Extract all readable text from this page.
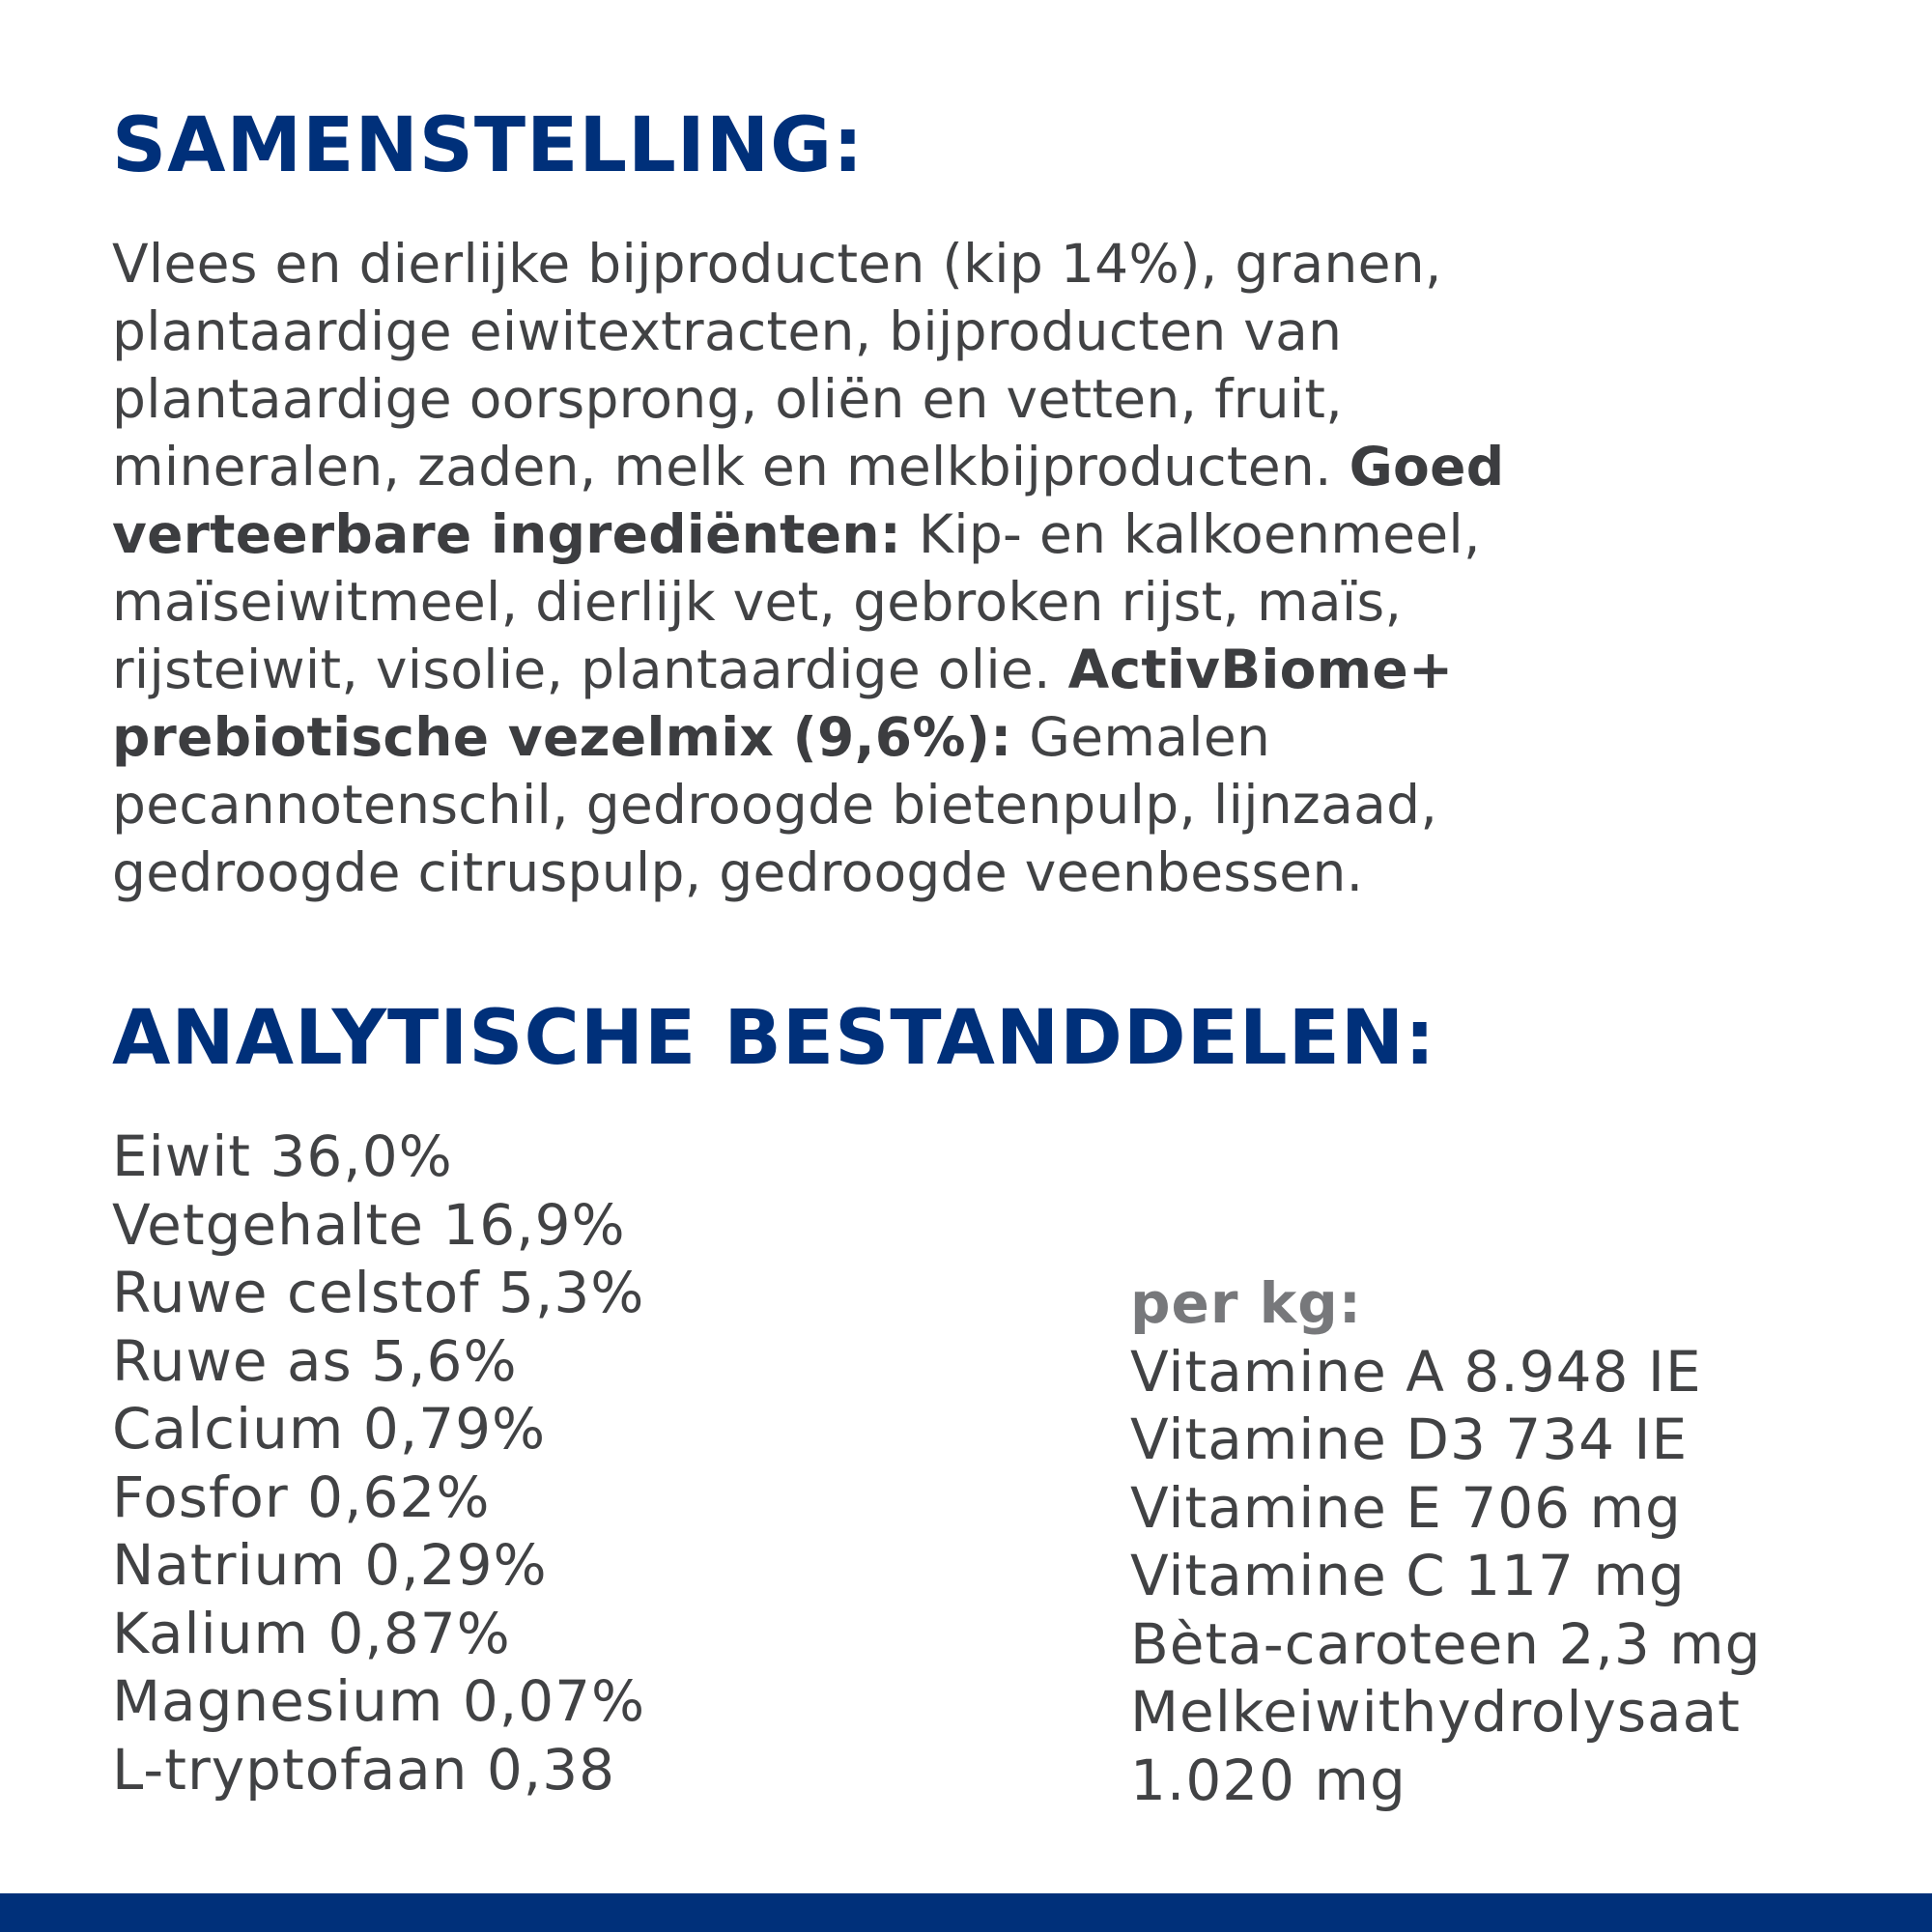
SAMENSTELLING:

Vlees en dierlijke bijproducten (kip 14%), granen,
plantaardige eiwitextracten, bijproducten van
plantaardige oorsprong, oliën en vetten, fruit,
mineralen, zaden, melk en melkbijproducten. Goed
verteerbare ingrediënten: Kip- en kalkoenmeel,
maïseiwitmeel, dierlijk vet, gebroken rijst, maïs,
rijsteiwit, visolie, plantaardige olie. ActivBiome+
prebiotische vezelmix (9,6%): Gemalen
pecannotenschil, gedroogde bietenpulp, lijnzaad,
gedroogde citruspulp, gedroogde veenbessen.

ANALYTISCHE BESTANDDELEN:
Eiwit 36,0%
Vetgehalte 16,9%
Ruwe celstof 5,3%
Ruwe as 5,6%
Calcium 0,79%
Fosfor 0,62%
Natrium 0,29%
Kalium 0,87%
Magnesium 0,07%
L-tryptofaan 0,38
per kg:
Vitamine A 8.948 IE
Vitamine D3 734 IE
Vitamine E 706 mg
Vitamine C 117 mg
Bèta-caroteen 2,3 mg
Melkeiwithydrolysaat
1.020 mg
